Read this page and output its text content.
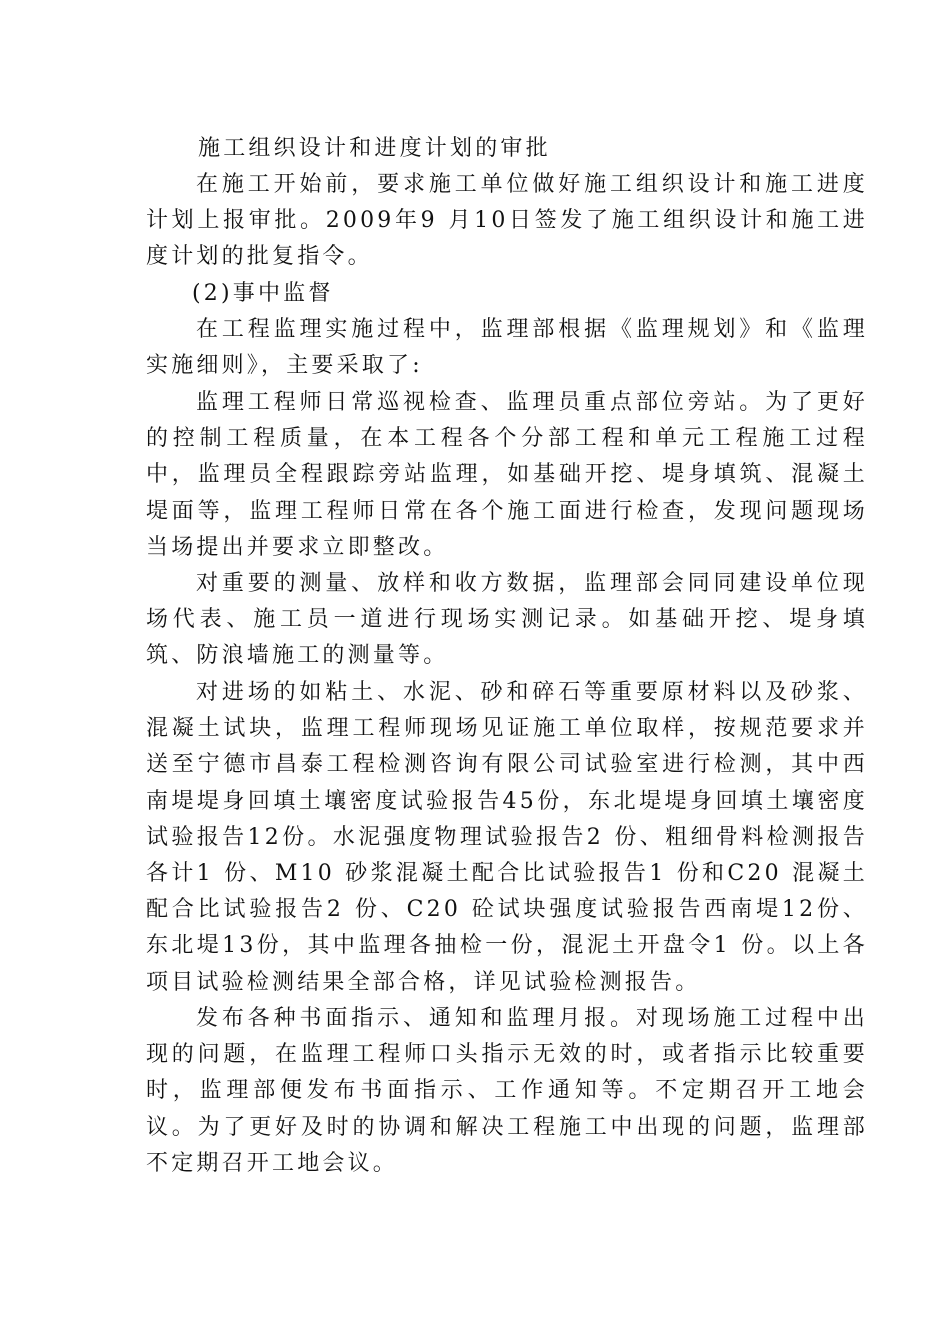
施工组织设计和进度计划的审批

在施工开始前，要求施工单位做好施工组织设计和施工进度计划上报审批。2009年9 月10日签发了施工组织设计和施工进度计划的批复指令。

(2)事中监督

在工程监理实施过程中，监理部根据《监理规划》和《监理实施细则》，主要采取了:

监理工程师日常巡视检查、监理员重点部位旁站。为了更好的控制工程质量，在本工程各个分部工程和单元工程施工过程中，监理员全程跟踪旁站监理，如基础开挖、堤身填筑、混凝土堤面等，监理工程师日常在各个施工面进行检查，发现问题现场当场提出并要求立即整改。

对重要的测量、放样和收方数据，监理部会同同建设单位现场代表、施工员一道进行现场实测记录。如基础开挖、堤身填筑、防浪墙施工的测量等。

对进场的如粘土、水泥、砂和碎石等重要原材料以及砂浆、混凝土试块，监理工程师现场见证施工单位取样，按规范要求并送至宁德市昌泰工程检测咨询有限公司试验室进行检测，其中西南堤堤身回填土壤密度试验报告45份，东北堤堤身回填土壤密度试验报告12份。水泥强度物理试验报告2 份、粗细骨料检测报告各计1 份、M10 砂浆混凝土配合比试验报告1 份和C20 混凝土配合比试验报告2 份、C20 砼试块强度试验报告西南堤12份、东北堤13份，其中监理各抽检一份，混泥土开盘令1 份。以上各项目试验检测结果全部合格，详见试验检测报告。

发布各种书面指示、通知和监理月报。对现场施工过程中出现的问题，在监理工程师口头指示无效的时，或者指示比较重要时，监理部便发布书面指示、工作通知等。不定期召开工地会议。为了更好及时的协调和解决工程施工中出现的问题，监理部不定期召开工地会议。
